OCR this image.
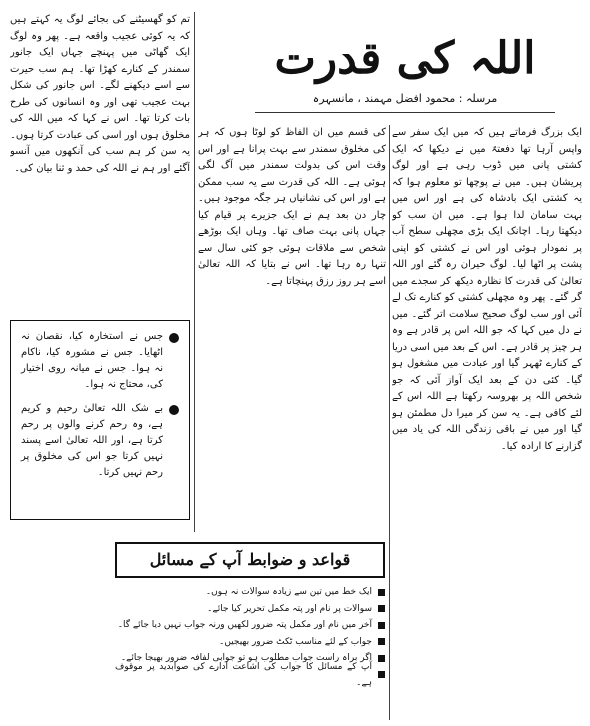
اللہ کی قدرت
مرسلہ : محمود افضل مہمند ، مانسہرہ
ایک بزرگ فرماتے ہیں کہ میں ایک سفر سے واپس آرہا تھا دفعتہً میں نے دیکھا کہ ایک کشتی پانی میں ڈوب رہی ہے اور لوگ پریشان ہیں۔ میں نے پوچھا تو معلوم ہوا کہ یہ کشتی ایک بادشاہ کی ہے اور اس میں بہت سامان لدا ہوا ہے۔ میں ان سب کو دیکھتا رہا۔ اچانک ایک بڑی مچھلی سطح آب پر نمودار ہوئی اور اس نے کشتی کو اپنی پشت پر اٹھا لیا۔ لوگ حیران رہ گئے اور اللہ تعالیٰ کی قدرت کا نظارہ دیکھ کر سجدے میں گر گئے۔ پھر وہ مچھلی کشتی کو کنارے تک لے آئی اور سب لوگ صحیح سلامت اتر گئے۔ میں نے دل میں کہا کہ جو اللہ اس پر قادر ہے وہ ہر چیز پر قادر ہے۔ اس کے بعد میں اسی دریا کے کنارے ٹھہر گیا اور عبادت میں مشغول ہو گیا۔ کئی دن کے بعد ایک آواز آئی کہ جو شخص اللہ پر بھروسہ رکھتا ہے اللہ اس کے لئے کافی ہے۔ یہ سن کر میرا دل مطمئن ہو گیا اور میں نے باقی زندگی اللہ کی یاد میں گزارنے کا ارادہ کیا۔
کی قسم میں ان الفاظ کو لوٹا ہوں کہ ہر کی مخلوق سمندر سے بہت پرانا ہے اور اس وقت اس کی بدولت سمندر میں آگ لگی ہوئی ہے۔ اللہ کی قدرت سے یہ سب ممکن ہے اور اس کی نشانیاں ہر جگہ موجود ہیں۔ چار دن بعد ہم نے ایک جزیرے پر قیام کیا جہاں پانی بہت صاف تھا۔ وہاں ایک بوڑھے شخص سے ملاقات ہوئی جو کئی سال سے تنہا رہ رہا تھا۔ اس نے بتایا کہ اللہ تعالیٰ اسے ہر روز رزق پہنچاتا ہے۔
تم کو گھسیٹنے کی بجائے لوگ یہ کہتے ہیں کہ یہ کوئی عجیب واقعہ ہے۔ پھر وہ لوگ ایک گھاٹی میں پہنچے جہاں ایک جانور سمندر کے کنارے کھڑا تھا۔ ہم سب حیرت سے اسے دیکھنے لگے۔ اس جانور کی شکل بہت عجیب تھی اور وہ انسانوں کی طرح بات کرتا تھا۔ اس نے کہا کہ میں اللہ کی مخلوق ہوں اور اسی کی عبادت کرتا ہوں۔ یہ سن کر ہم سب کی آنکھوں میں آنسو آگئے اور ہم نے اللہ کی حمد و ثنا بیان کی۔
جس نے استخارہ کیا، نقصان نہ اٹھایا۔ جس نے مشورہ کیا، ناکام نہ ہوا۔ جس نے میانہ روی اختیار کی، محتاج نہ ہوا۔
بے شک اللہ تعالیٰ رحیم و کریم ہے، وہ رحم کرنے والوں پر رحم کرتا ہے، اور اللہ تعالیٰ اسے پسند نہیں کرتا جو اس کی مخلوق پر رحم نہیں کرتا۔
قواعد و ضوابط آپ کے مسائل
ایک خط میں تین سے زیادہ سوالات نہ ہوں۔
سوالات پر نام اور پتہ مکمل تحریر کیا جائے۔
آخر میں نام اور مکمل پتہ ضرور لکھیں ورنہ جواب نہیں دیا جائے گا۔
جواب کے لئے مناسب ٹکٹ ضرور بھیجیں۔
اگر براہ راست جواب مطلوب ہو تو جوابی لفافہ ضرور بھیجا جائے۔
آپ کے مسائل کا جواب کی اشاعت ادارے کی صوابدید پر موقوف ہے۔
